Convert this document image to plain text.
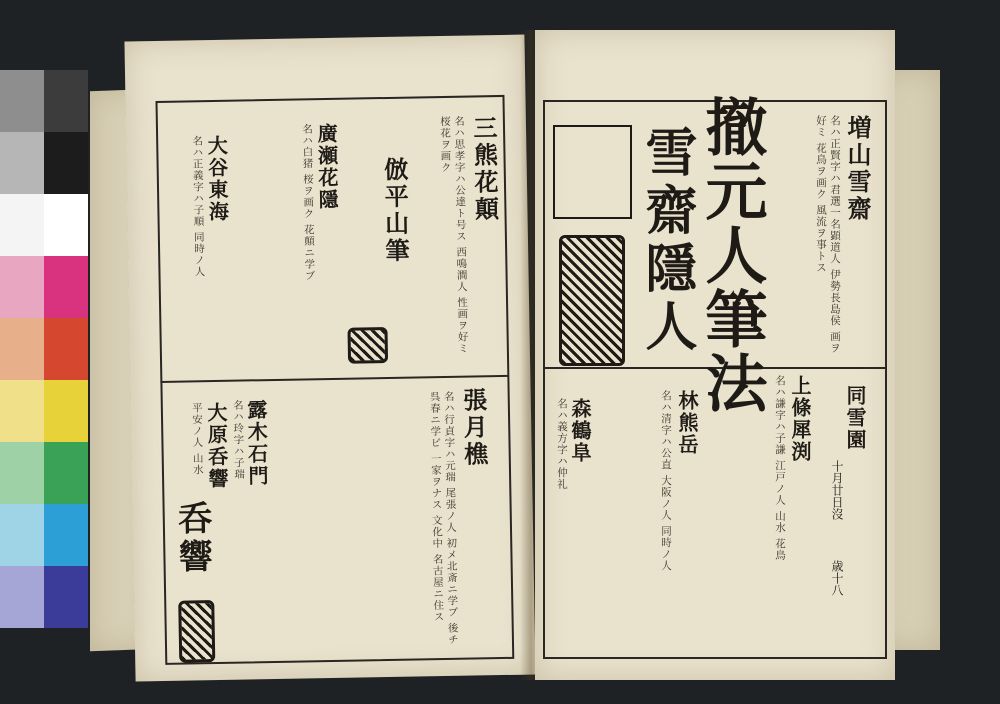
三熊花顛
名ハ思孝字ハ公達ト号ス 西鳴澗人 性画ヲ好ミ桜花ヲ画ク
廣瀬花隱
名ハ白猪 桜ヲ画ク 花顛ニ学ブ
大谷東海
名ハ正義字ハ子順 同時ノ人	倣平山筆
張月樵
名ハ行貞字ハ元瑞 尾張ノ人 初メ北斎ニ学ブ 後チ呉春ニ学ビ 一家ヲナス 文化中 名古屋ニ住ス
露木石門
名ハ玲字ハ子瑞
大原呑響
平安ノ人 山水
呑響
増山雪齋
名ハ正賢字ハ君選一名顕道人 伊勢長島侯 画ヲ好ミ 花鳥ヲ画ク 風流ヲ事トス
撤元人筆法
雪齋隱人
同雪園
十月廿日沒
歳十八
上條犀渕
名ハ謙字ハ子謙 江戸ノ人 山水 花鳥
林熊岳
名ハ清字ハ公直 大阪ノ人 同時ノ人
森鶴阜
名ハ義方字ハ仲礼
